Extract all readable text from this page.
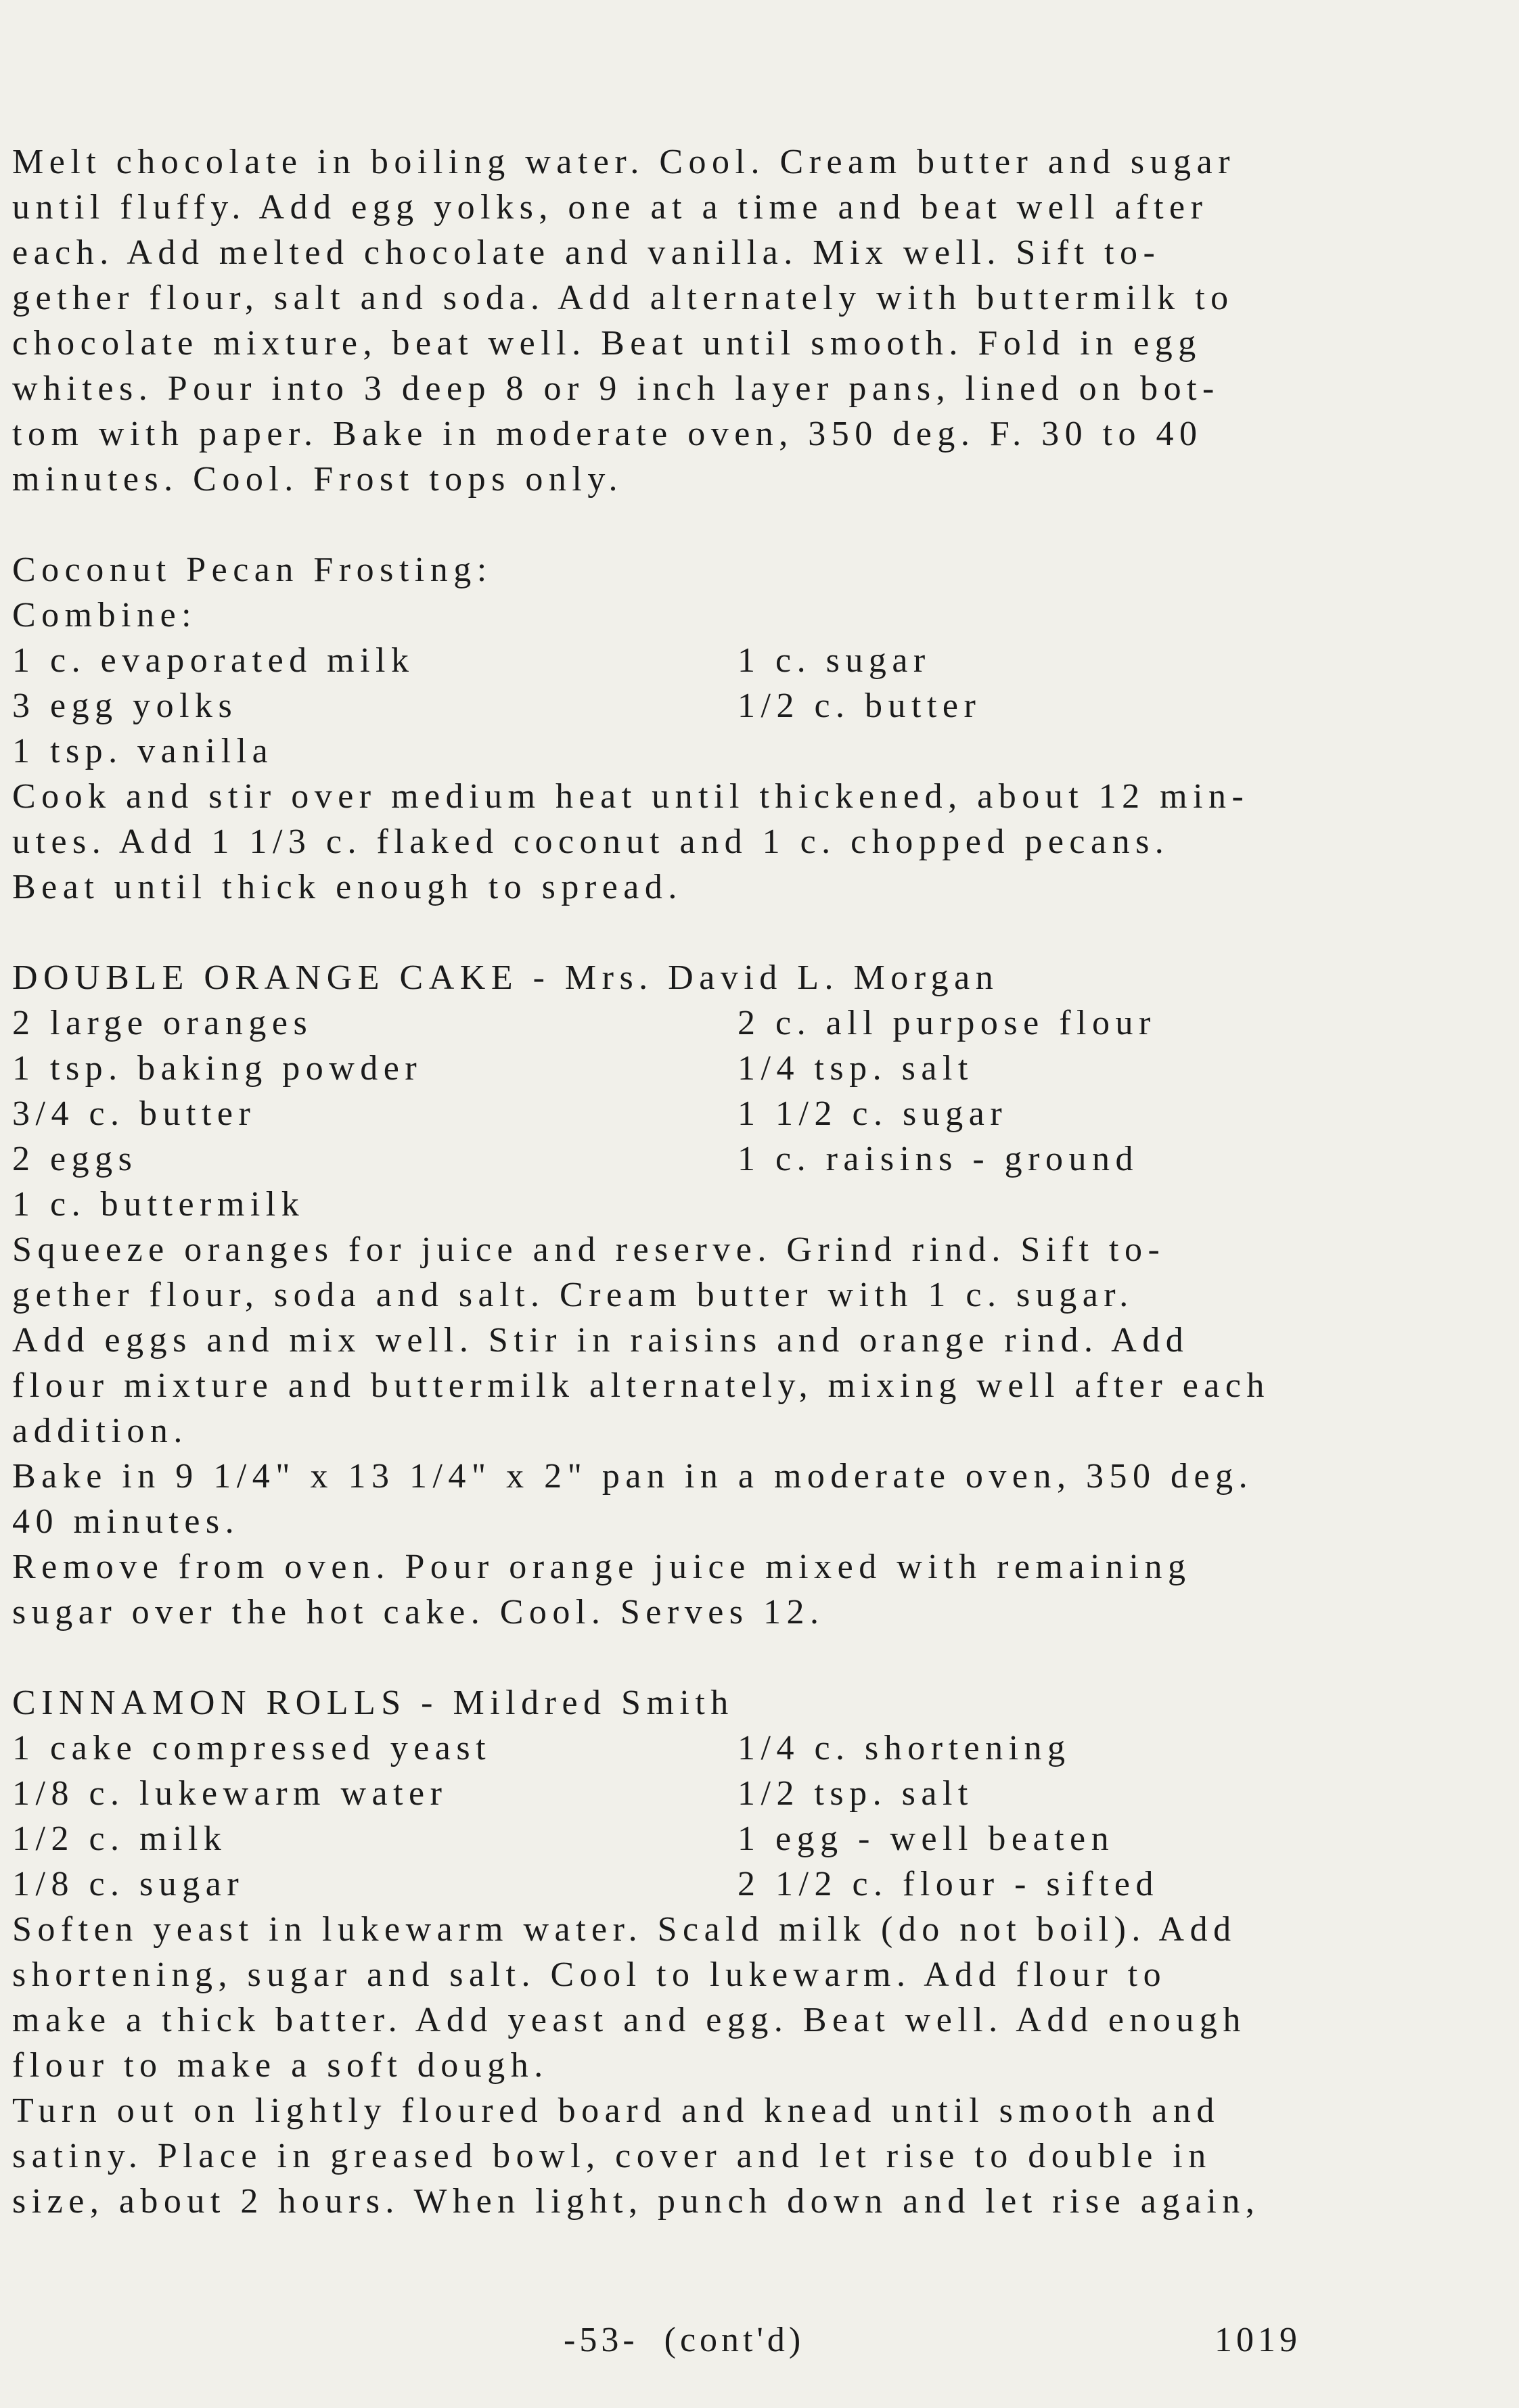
Melt chocolate in boiling water. Cool. Cream butter and sugar
until fluffy. Add egg yolks, one at a time and beat well after
each. Add melted chocolate and vanilla. Mix well. Sift to-
gether flour, salt and soda. Add alternately with buttermilk to
chocolate mixture, beat well. Beat until smooth. Fold in egg
whites. Pour into 3 deep 8 or 9 inch layer pans, lined on bot-
tom with paper. Bake in moderate oven, 350 deg. F. 30 to 40
minutes. Cool. Frost tops only.
Coconut Pecan Frosting:
Combine:
1 c. evaporated milk	1 c. sugar
3 egg yolks	1/2 c. butter
1 tsp. vanilla
Cook and stir over medium heat until thickened, about 12 min-
utes. Add 1 1/3 c. flaked coconut and 1 c. chopped pecans.
Beat until thick enough to spread.
DOUBLE ORANGE CAKE - Mrs. David L. Morgan
2 large oranges	2 c. all purpose flour
1 tsp. baking powder	1/4 tsp. salt
3/4 c. butter	1 1/2 c. sugar
2 eggs	1 c. raisins - ground
1 c. buttermilk
Squeeze oranges for juice and reserve. Grind rind. Sift to-
gether flour, soda and salt. Cream butter with 1 c. sugar.
Add eggs and mix well. Stir in raisins and orange rind. Add
flour mixture and buttermilk alternately, mixing well after each
addition.
Bake in 9 1/4" x 13 1/4" x 2" pan in a moderate oven, 350 deg.
40 minutes.
Remove from oven. Pour orange juice mixed with remaining
sugar over the hot cake. Cool. Serves 12.
CINNAMON ROLLS - Mildred Smith
1 cake compressed yeast	1/4 c. shortening
1/8 c. lukewarm water	1/2 tsp. salt
1/2 c. milk	1 egg - well beaten
1/8 c. sugar	2 1/2 c. flour - sifted
Soften yeast in lukewarm water. Scald milk (do not boil). Add
shortening, sugar and salt. Cool to lukewarm. Add flour to
make a thick batter. Add yeast and egg. Beat well. Add enough
flour to make a soft dough.
Turn out on lightly floured board and knead until smooth and
satiny. Place in greased bowl, cover and let rise to double in
size, about 2 hours. When light, punch down and let rise again,
-53-  (cont'd)	1019
